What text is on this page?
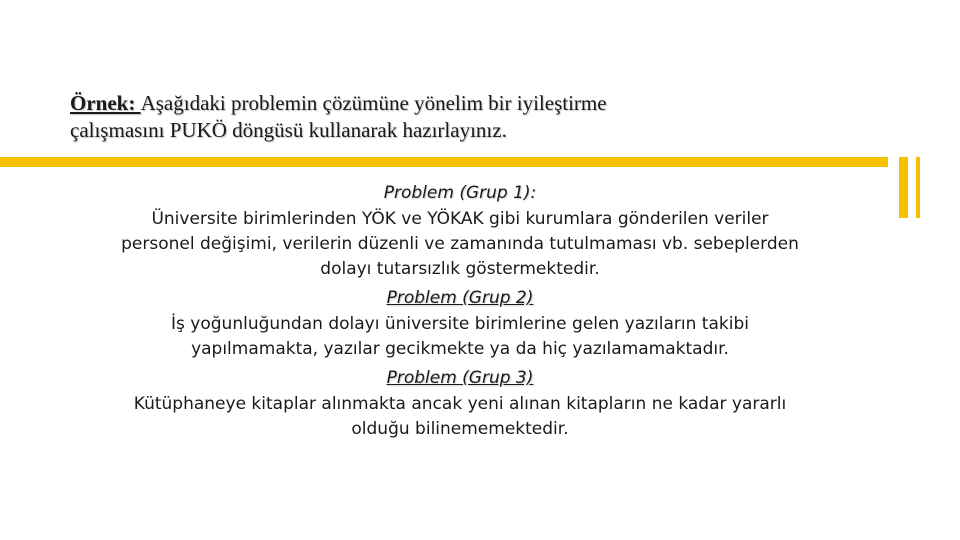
Örnek: Aşağıdaki problemin çözümüne yönelim bir iyileştirme
çalışmasını PUKÖ döngüsü kullanarak hazırlayınız.
Problem (Grup 1):
Üniversite birimlerinden YÖK ve YÖKAK gibi kurumlara gönderilen veriler
personel değişimi, verilerin düzenli ve zamanında tutulmaması vb. sebeplerden
dolayı tutarsızlık göstermektedir.
Problem (Grup 2)
İş yoğunluğundan dolayı üniversite birimlerine gelen yazıların takibi
yapılmamakta, yazılar gecikmekte ya da hiç yazılamamaktadır.
Problem (Grup 3)
Kütüphaneye kitaplar alınmakta ancak yeni alınan kitapların ne kadar yararlı
olduğu bilinememektedir.
